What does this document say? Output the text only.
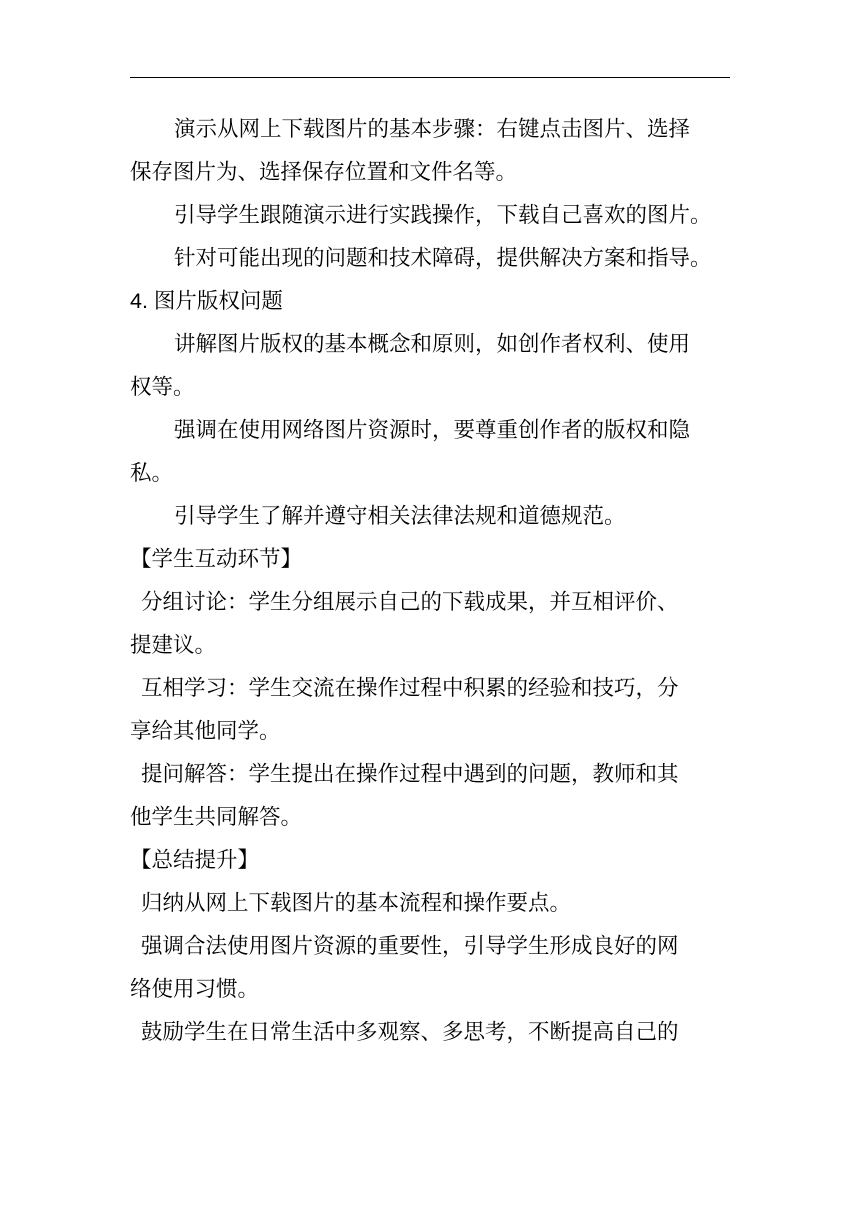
演示从网上下载图片的基本步骤：右键点击图片、选择
保存图片为、选择保存位置和文件名等。
引导学生跟随演示进行实践操作，下载自己喜欢的图片。
针对可能出现的问题和技术障碍，提供解决方案和指导。
4. 图片版权问题
讲解图片版权的基本概念和原则，如创作者权利、使用
权等。
强调在使用网络图片资源时，要尊重创作者的版权和隐
私。
引导学生了解并遵守相关法律法规和道德规范。
【学生互动环节】
分组讨论：学生分组展示自己的下载成果，并互相评价、
提建议。
互相学习：学生交流在操作过程中积累的经验和技巧，分
享给其他同学。
提问解答：学生提出在操作过程中遇到的问题，教师和其
他学生共同解答。
【总结提升】
归纳从网上下载图片的基本流程和操作要点。
强调合法使用图片资源的重要性，引导学生形成良好的网
络使用习惯。
鼓励学生在日常生活中多观察、多思考，不断提高自己的
